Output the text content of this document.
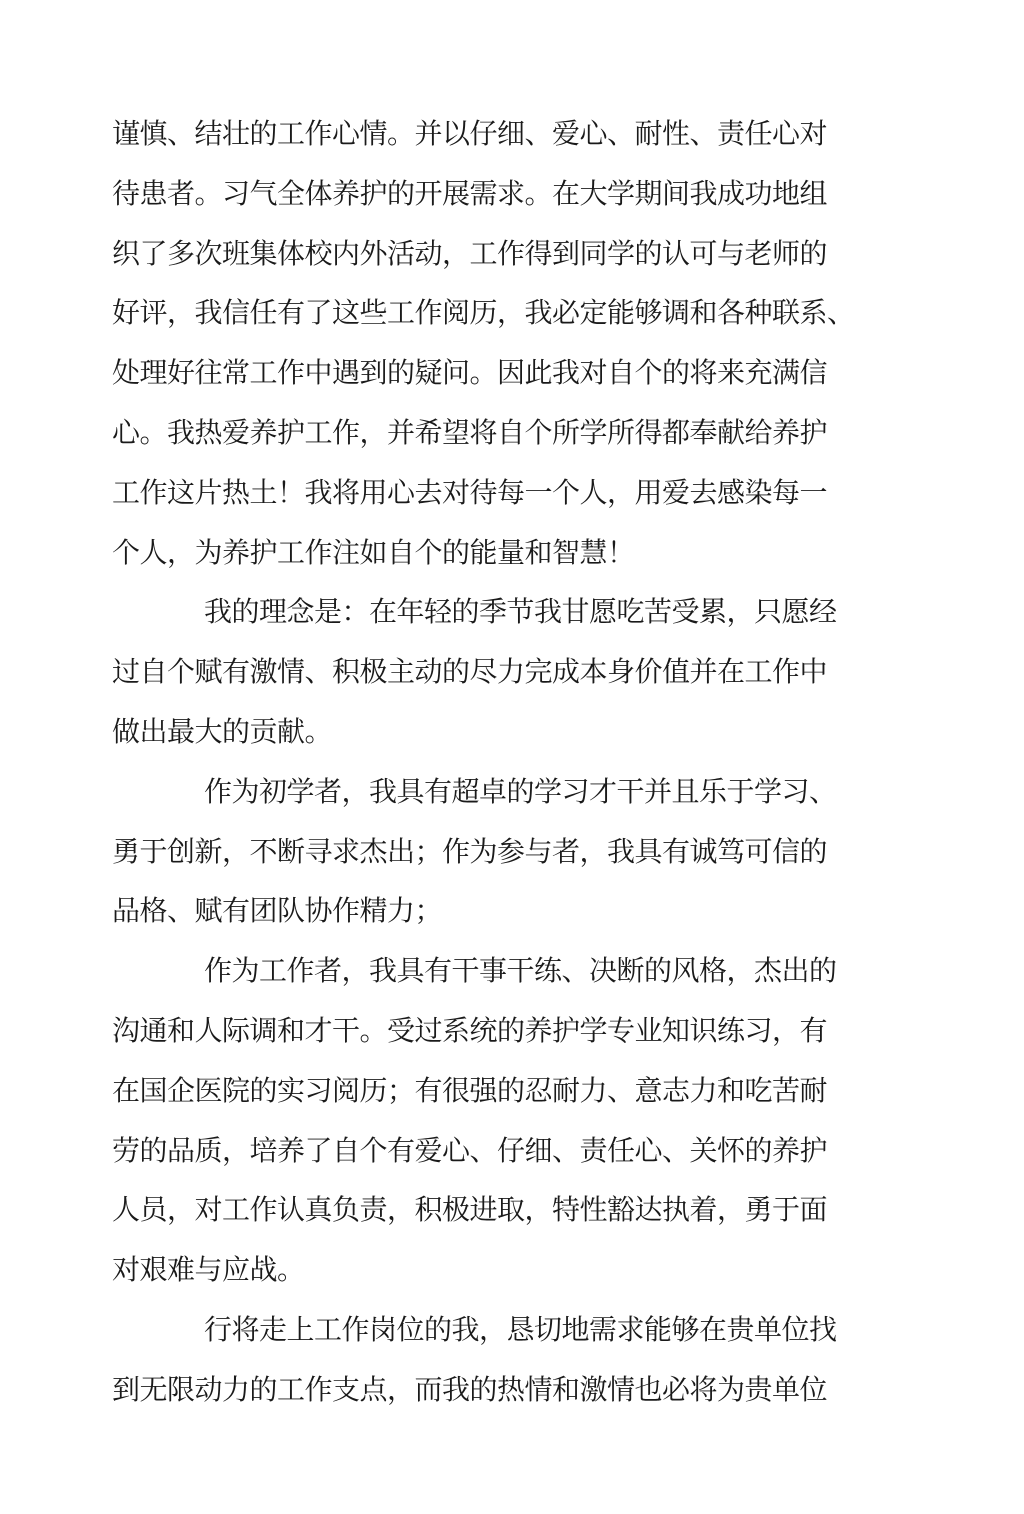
谨慎、结壮的工作心情。并以仔细、爱心、耐性、责任心对
待患者。习气全体养护的开展需求。在大学期间我成功地组
织了多次班集体校内外活动，工作得到同学的认可与老师的
好评，我信任有了这些工作阅历，我必定能够调和各种联系、
处理好往常工作中遇到的疑问。因此我对自个的将来充满信
心。我热爱养护工作，并希望将自个所学所得都奉献给养护
工作这片热土！我将用心去对待每一个人，用爱去感染每一
个人，为养护工作注如自个的能量和智慧！
我的理念是：在年轻的季节我甘愿吃苦受累，只愿经
过自个赋有激情、积极主动的尽力完成本身价值并在工作中
做出最大的贡献。
作为初学者，我具有超卓的学习才干并且乐于学习、
勇于创新，不断寻求杰出；作为参与者，我具有诚笃可信的
品格、赋有团队协作精力；
作为工作者，我具有干事干练、决断的风格，杰出的
沟通和人际调和才干。受过系统的养护学专业知识练习，有
在国企医院的实习阅历；有很强的忍耐力、意志力和吃苦耐
劳的品质，培养了自个有爱心、仔细、责任心、关怀的养护
人员，对工作认真负责，积极进取，特性豁达执着，勇于面
对艰难与应战。
行将走上工作岗位的我，恳切地需求能够在贵单位找
到无限动力的工作支点，而我的热情和激情也必将为贵单位
